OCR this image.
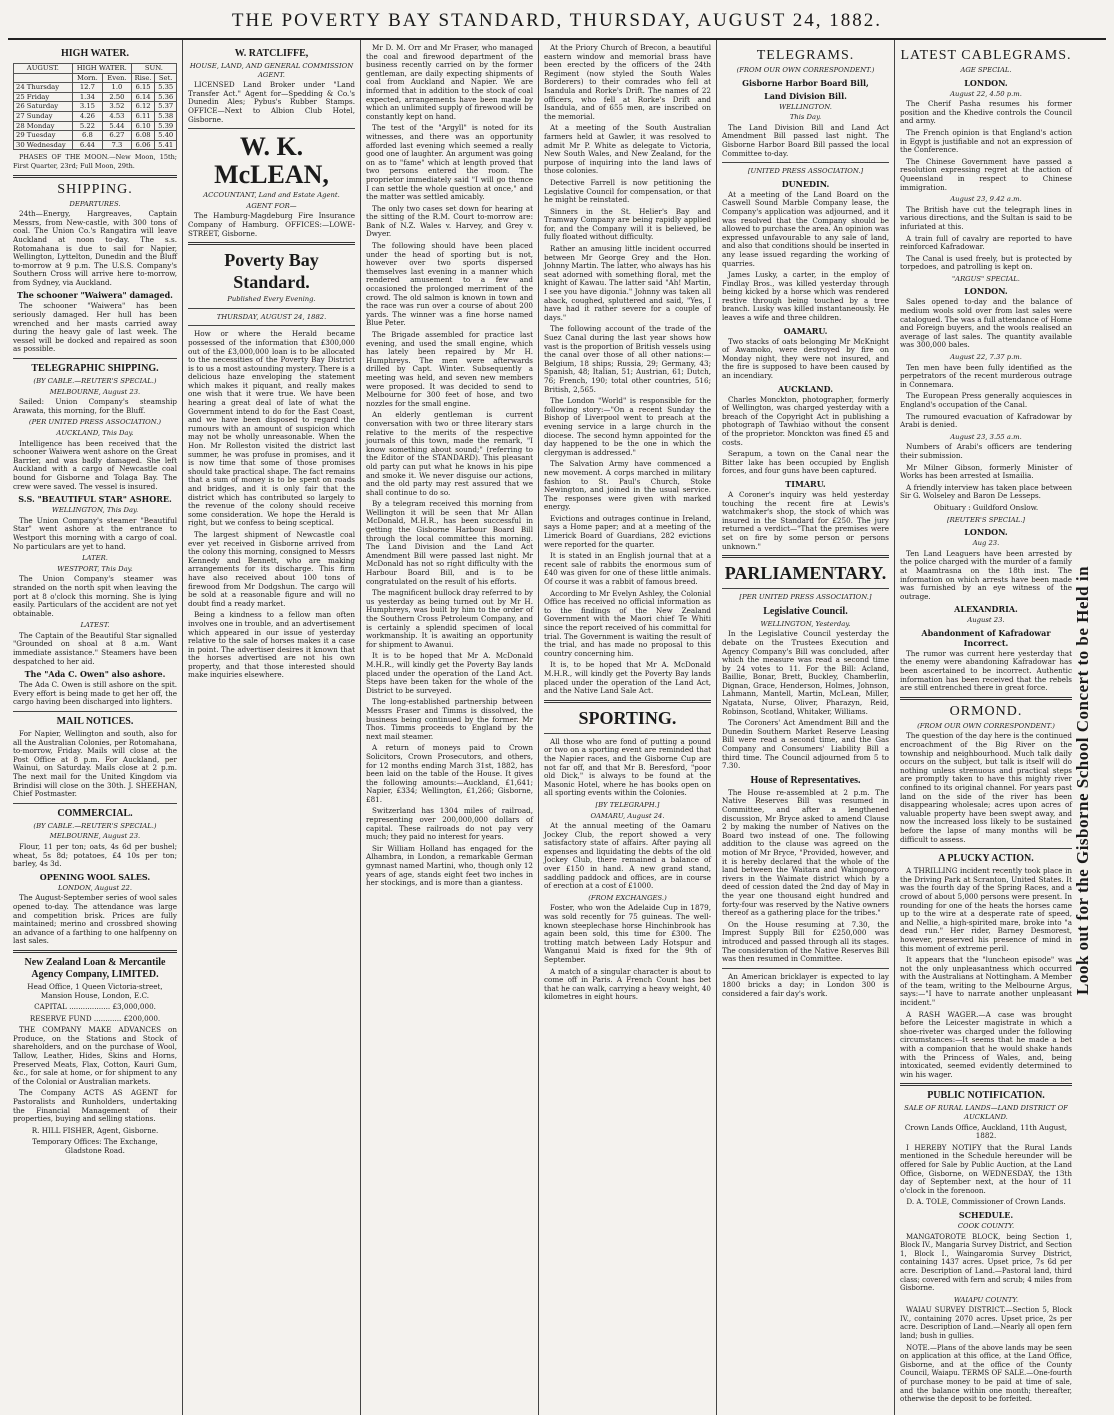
THE POVERTY BAY STANDARD, THURSDAY, AUGUST 24, 1882.
HIGH WATER.
AUGUST.	HIGH WATER.		SUN.	
	Morn.	Even.	Rise.	Set.
24 Thursday	12.7	1.0	6.15	5.35
25 Friday	1.34	2.50	6.14	5.36
26 Saturday	3.15	3.52	6.12	5.37
27 Sunday	4.26	4.53	6.11	5.38
28 Monday	5.22	5.44	6.10	5.39
29 Tuesday	6.8	6.27	6.08	5.40
30 Wednesday	6.44	7.3	6.06	5.41

PHASES OF THE MOON.—New Moon, 15th; First Quarter, 23rd; Full Moon, 29th.

SHIPPING.
DEPARTURES.

24th—Energy, Hargreaves, Captain Messrs, from New-castle, with 300 tons of coal. The Union Co.'s Rangatira will leave Auckland at noon to-day. The s.s. Rotomahana is due to sail for Napier, Wellington, Lyttelton, Dunedin and the Bluff to-morrow at 9 p.m. The U.S.S. Company's Southern Cross will arrive here to-morrow, from Sydney, via Auckland.

The schooner "Waiwera" damaged.

The schooner "Waiwera" has been seriously damaged. Her hull has been wrenched and her masts carried away during the heavy gale of last week. The vessel will be docked and repaired as soon as possible.

TELEGRAPHIC SHIPPING.
(BY CABLE.—REUTER'S SPECIAL.)
MELBOURNE, August 23.

Sailed: Union Company's steamship Arawata, this morning, for the Bluff.

(PER UNITED PRESS ASSOCIATION.)
AUCKLAND, This Day.

Intelligence has been received that the schooner Waiwera went ashore on the Great Barrier, and was badly damaged. She left Auckland with a cargo of Newcastle coal bound for Gisborne and Tolaga Bay. The crew were saved. The vessel is insured.

S.S. "BEAUTIFUL STAR" ASHORE.
WELLINGTON, This Day.

The Union Company's steamer "Beautiful Star" went ashore at the entrance to Westport this morning with a cargo of coal. No particulars are yet to hand.

LATER.
WESTPORT, This Day.

The Union Company's steamer was stranded on the north spit when leaving the port at 8 o'clock this morning. She is lying easily. Particulars of the accident are not yet obtainable.

LATEST.

The Captain of the Beautiful Star signalled "Grounded on shoal at 8 a.m. Want immediate assistance." Steamers have been despatched to her aid.

The "Ada C. Owen" also ashore.

The Ada C. Owen is still ashore on the spit. Every effort is being made to get her off, the cargo having been discharged into lighters.

MAIL NOTICES.

For Napier, Wellington and south, also for all the Australian Colonies, per Rotomahana, to-morrow, Friday. Mails will close at the Post Office at 8 p.m. For Auckland, per Wainui, on Saturday. Mails close at 2 p.m. The next mail for the United Kingdom via Brindisi will close on the 30th. J. SHEEHAN, Chief Postmaster.

COMMERCIAL.
(BY CABLE.—REUTER'S SPECIAL.)
MELBOURNE, August 23.

Flour, 11 per ton; oats, 4s 6d per bushel; wheat, 5s 8d; potatoes, £4 10s per ton; barley, 4s 3d.

OPENING WOOL SALES.
LONDON, August 22.

The August-September series of wool sales opened to-day. The attendance was large and competition brisk. Prices are fully maintained; merino and crossbred showing an advance of a farthing to one halfpenny on last sales.

New Zealand Loan & Mercantile Agency Company, LIMITED.

Head Office, 1 Queen Victoria-street, Mansion House, London, E.C.

CAPITAL .................. £3,000,000.

RESERVE FUND ............ £200,000.

THE COMPANY MAKE ADVANCES on Produce, on the Stations and Stock of shareholders, and on the purchase of Wool, Tallow, Leather, Hides, Skins and Horns, Preserved Meats, Flax, Cotton, Kauri Gum, &c., for sale at home, or for shipment to any of the Colonial or Australian markets.

The Company ACTS AS AGENT for Pastoralists and Runholders, undertaking the Financial Management of their properties, buying and selling stations.

R. HILL FISHER, Agent, Gisborne.

Temporary Offices: The Exchange, Gladstone Road.

W. RATCLIFFE,
HOUSE, LAND, AND GENERAL COMMISSION AGENT.

LICENSED Land Broker under "Land Transfer Act." Agent for—Spedding & Co.'s Dunedin Ales; Pybus's Rubber Stamps. OFFICE—Next to Albion Club Hotel, Gisborne.

W. K. McLEAN,
ACCOUNTANT, Land and Estate Agent.
AGENT FOR—

The Hamburg-Magdeburg Fire Insurance Company of Hamburg. OFFICES:—LOWE-STREET, Gisborne.

Poverty Bay Standard.
Published Every Evening.
THURSDAY, AUGUST 24, 1882.

How or where the Herald became possessed of the information that £300,000 out of the £3,000,000 loan is to be allocated to the necessities of the Poverty Bay District is to us a most astounding mystery. There is a delicious haze enveloping the statement which makes it piquant, and really makes one wish that it were true. We have been hearing a great deal of late of what the Government intend to do for the East Coast, and we have been disposed to regard the rumours with an amount of suspicion which may not be wholly unreasonable. When the Hon. Mr Rolleston visited the district last summer, he was profuse in promises, and it is now time that some of those promises should take practical shape. The fact remains that a sum of money is to be spent on roads and bridges, and it is only fair that the district which has contributed so largely to the revenue of the colony should receive some consideration. We hope the Herald is right, but we confess to being sceptical.

The largest shipment of Newcastle coal ever yet received in Gisborne arrived from the colony this morning, consigned to Messrs Kennedy and Bennett, who are making arrangements for its discharge. This firm have also received about 100 tons of firewood from Mr Dodgshun. The cargo will be sold at a reasonable figure and will no doubt find a ready market.

Being a kindness to a fellow man often involves one in trouble, and an advertisement which appeared in our issue of yesterday relative to the sale of horses makes it a case in point. The advertiser desires it known that the horses advertised are not his own property, and that those interested should make inquiries elsewhere.

Mr D. M. Orr and Mr Fraser, who managed the coal and firewood department of the business recently carried on by the former gentleman, are daily expecting shipments of coal from Auckland and Napier. We are informed that in addition to the stock of coal expected, arrangements have been made by which an unlimited supply of firewood will be constantly kept on hand.

The test of the "Argyll" is noted for its witnesses, and there was an opportunity afforded last evening which seemed a really good one of laughter. An argument was going on as to "fame" which at length proved that two persons entered the room. The proprietor immediately said "I will go thence I can settle the whole question at once," and the matter was settled amicably.

The only two cases set down for hearing at the sitting of the R.M. Court to-morrow are: Bank of N.Z. Wales v. Harvey, and Grey v. Dwyer.

The following should have been placed under the head of sporting but is not, however over two sports dispersed themselves last evening in a manner which rendered amusement to a few and occasioned the prolonged merriment of the crowd. The old salmon is known in town and the race was run over a course of about 200 yards. The winner was a fine horse named Blue Peter.

The Brigade assembled for practice last evening, and used the small engine, which has lately been repaired by Mr H. Humphreys. The men were afterwards drilled by Capt. Winter. Subsequently a meeting was held, and seven new members were proposed. It was decided to send to Melbourne for 300 feet of hose, and two nozzles for the small engine.

An elderly gentleman is current conversation with two or three literary stars relative to the merits of the respective journals of this town, made the remark, "I know something about sound;" (referring to the Editor of the STANDARD). This pleasant old party can put what he knows in his pipe and smoke it. We never disguise our actions, and the old party may rest assured that we shall continue to do so.

By a telegram received this morning from Wellington it will be seen that Mr Allan McDonald, M.H.R., has been successful in getting the Gisborne Harbour Board Bill through the local committee this morning. The Land Division and the Land Act Amendment Bill were passed last night. Mr McDonald has not so right difficulty with the Harbour Board Bill, and is to be congratulated on the result of his efforts.

The magnificent bullock dray referred to by us yesterday as being turned out by Mr H. Humphreys, was built by him to the order of the Southern Cross Petroleum Company, and is certainly a splendid specimen of local workmanship. It is awaiting an opportunity for shipment to Awanui.

It is to be hoped that Mr A. McDonald M.H.R., will kindly get the Poverty Bay lands placed under the operation of the Land Act. Steps have been taken for the whole of the District to be surveyed.

The long-established partnership between Messrs Fraser and Timms is dissolved, the business being continued by the former. Mr Thos. Timms proceeds to England by the next mail steamer.

A return of moneys paid to Crown Solicitors, Crown Prosecutors, and others, for 12 months ending March 31st, 1882, has been laid on the table of the House. It gives the following amounts:—Auckland, £1,641; Napier, £334; Wellington, £1,266; Gisborne, £81.

Switzerland has 1304 miles of railroad, representing over 200,000,000 dollars of capital. These railroads do not pay very much; they paid no interest for years.

Sir William Holland has engaged for the Alhambra, in London, a remarkable German gymnast named Martini, who, though only 12 years of age, stands eight feet two inches in her stockings, and is more than a giantess.

At the Priory Church of Brecon, a beautiful eastern window and memorial brass have been erected by the officers of the 24th Regiment (now styled the South Wales Borderers) to their comrades who fell at Isandula and Rorke's Drift. The names of 22 officers, who fell at Rorke's Drift and Isandula, and of 655 men, are inscribed on the memorial.

At a meeting of the South Australian farmers held at Gawler, it was resolved to admit Mr P. White as delegate to Victoria, New South Wales, and New Zealand, for the purpose of inquiring into the land laws of those colonies.

Detective Farrell is now petitioning the Legislative Council for compensation, or that he might be reinstated.

Sinners in the St. Helier's Bay and Tramway Company are being rapidly applied for, and the Company will it is believed, be fully floated without difficulty.

Rather an amusing little incident occurred between Mr George Grey and the Hon. Johnny Martin. The latter, who always has his seat adorned with something floral, met the knight of Kawau. The latter said "Ah! Martin, I see you have digonia." Johnny was taken all aback, coughed, spluttered and said, "Yes, I have had it rather severe for a couple of days."

The following account of the trade of the Suez Canal during the last year shows how vast is the proportion of British vessels using the canal over those of all other nations:—Belgium, 18 ships; Russia, 29; Germany, 43; Spanish, 48; Italian, 51; Austrian, 61; Dutch, 76; French, 190; total other countries, 516; British, 2,565.

The London "World" is responsible for the following story:—"On a recent Sunday the Bishop of Liverpool went to preach at the evening service in a large church in the diocese. The second hymn appointed for the day happened to be the one in which the clergyman is addressed."

The Salvation Army have commenced a new movement. A corps marched in military fashion to St. Paul's Church, Stoke Newington, and joined in the usual service. The responses were given with marked energy.

Evictions and outrages continue in Ireland, says a Home paper; and at a meeting of the Limerick Board of Guardians, 282 evictions were reported for the quarter.

It is stated in an English journal that at a recent sale of rabbits the enormous sum of £40 was given for one of these little animals. Of course it was a rabbit of famous breed.

According to Mr Evelyn Ashley, the Colonial Office has received no official information as to the findings of the New Zealand Government with the Maori chief Te Whiti since the report received of his committal for trial. The Government is waiting the result of the trial, and has made no proposal to this country concerning him.

It is, to be hoped that Mr A. McDonald M.H.R., will kindly get the Poverty Bay lands placed under the operation of the Land Act, and the Native Land Sale Act.

SPORTING.

All those who are fond of putting a pound or two on a sporting event are reminded that the Napier races, and the Gisborne Cup are not far off, and that Mr B. Beresford, "poor old Dick," is always to be found at the Masonic Hotel, where he has books open on all sporting events within the Colonies.

[BY TELEGRAPH.]
OAMARU, August 24.

At the annual meeting of the Oamaru Jockey Club, the report showed a very satisfactory state of affairs. After paying all expenses and liquidating the debts of the old Jockey Club, there remained a balance of over £150 in hand. A new grand stand, saddling paddock and offices, are in course of erection at a cost of £1000.

(FROM EXCHANGES.)

Foster, who won the Adelaide Cup in 1879, was sold recently for 75 guineas. The well-known steeplechase horse Hinchinbrook has again been sold, this time for £300. The trotting match between Lady Hotspur and Wanganui Maid is fixed for the 9th of September.

A match of a singular character is about to come off in Paris. A French Count has bet that he can walk, carrying a heavy weight, 40 kilometres in eight hours.

TELEGRAMS.
(FROM OUR OWN CORRESPONDENT.)
Gisborne Harbor Board Bill,
Land Division Bill.
WELLINGTON.
This Day.

The Land Division Bill and Land Act Amendment Bill passed last night. The Gisborne Harbor Board Bill passed the local Committee to-day.

[UNITED PRESS ASSOCIATION.]
DUNEDIN.

At a meeting of the Land Board on the Caswell Sound Marble Company lease, the Company's application was adjourned, and it was resolved that the Company should be allowed to purchase the area. An opinion was expressed unfavourable to any sale of land, and also that conditions should be inserted in any lease issued regarding the working of quarries.

James Lusky, a carter, in the employ of Findlay Bros., was killed yesterday through being kicked by a horse which was rendered restive through being touched by a tree branch. Lusky was killed instantaneously. He leaves a wife and three children.

OAMARU.

Two stacks of oats belonging Mr McKnight of Awamoko, were destroyed by fire on Monday night, they were not insured, and the fire is supposed to have been caused by an incendiary.

AUCKLAND.

Charles Monckton, photographer, formerly of Wellington, was charged yesterday with a breach of the Copyright Act in publishing a photograph of Tawhiao without the consent of the proprietor. Monckton was fined £5 and costs.

Serapum, a town on the Canal near the Bitter lake has been occupied by English forces, and four guns have been captured.

TIMARU.

A Coroner's inquiry was held yesterday touching the recent fire at Lewis's watchmaker's shop, the stock of which was insured in the Standard for £250. The jury returned a verdict—"That the premises were set on fire by some person or persons unknown."

PARLIAMENTARY.
[PER UNITED PRESS ASSOCIATION.]
Legislative Council.
WELLINGTON, Yesterday.

In the Legislative Council yesterday the debate on the Trustees Execution and Agency Company's Bill was concluded, after which the measure was read a second time by 24 votes to 11. For the Bill: Acland, Baillie, Bonar, Brett, Buckley, Chamberlin, Dignan, Grace, Henderson, Holmes, Johnson, Lahmann, Mantell, Martin, McLean, Miller, Ngatata, Nurse, Oliver, Pharazyn, Reid, Robinson, Scotland, Whitaker, Williams.

The Coroners' Act Amendment Bill and the Dunedin Southern Market Reserve Leasing Bill were read a second time, and the Gas Company and Consumers' Liability Bill a third time. The Council adjourned from 5 to 7.30.

House of Representatives.

The House re-assembled at 2 p.m. The Native Reserves Bill was resumed in Committee, and after a lengthened discussion, Mr Bryce asked to amend Clause 2 by making the number of Natives on the Board two instead of one. The following addition to the clause was agreed on the motion of Mr Bryce, "Provided, however, and it is hereby declared that the whole of the land between the Waitara and Waingongoro rivers in the Waimate district which by a deed of cession dated the 2nd day of May in the year one thousand eight hundred and forty-four was reserved by the Native owners thereof as a gathering place for the tribes."

On the House resuming at 7.30, the Imprest Supply Bill for £250,000 was introduced and passed through all its stages. The consideration of the Native Reserves Bill was then resumed in Committee.

An American bricklayer is expected to lay 1800 bricks a day; in London 300 is considered a fair day's work.	Look out for the Gisborne School Concert to be Held in
LATEST CABLEGRAMS.
AGE SPECIAL.
LONDON.
August 22, 4.50 p.m.

The Cherif Pasha resumes his former position and the Khedive controls the Council and army.

The French opinion is that England's action in Egypt is justifiable and not an expression of the Conference.

The Chinese Government have passed a resolution expressing regret at the action of Queensland in respect to Chinese immigration.

August 23, 9.42 a.m.

The British have cut the telegraph lines in various directions, and the Sultan is said to be infuriated at this.

A train full of cavalry are reported to have reinforced Kafradowar.

The Canal is used freely, but is protected by torpedoes, and patrolling is kept on.

"ARGUS" SPECIAL.
LONDON.

Sales opened to-day and the balance of medium wools sold over from last sales were catalogued. The was a full attendance of Home and Foreign buyers, and the wools realised an average of last sales. The quantity available was 300,000 bales.

August 22, 7.37 p.m.

Ten men have been fully identified as the perpetrators of the recent murderous outrage in Connemara.

The European Press generally acquiesces in England's occupation of the Canal.

The rumoured evacuation of Kafradowar by Arabi is denied.

August 23, 3.55 a.m.

Numbers of Arabi's officers are tendering their submission.

Mr Milner Gibson, formerly Minister of Works has been arrested at Ismailia.

A friendly interview has taken place between Sir G. Wolseley and Baron De Lesseps.

Obituary : Guildford Onslow.

[REUTER'S SPECIAL.]
LONDON.
Aug 23.

Ten Land Leaguers have been arrested by the police charged with the murder of a family at Maamtrasna on the 18th inst. The information on which arrests have been made was furnished by an eye witness of the outrage.

ALEXANDRIA.
August 23.
Abandonment of Kafradowar Incorrect.

The rumor was current here yesterday that the enemy were abandoning Kafradowar has been ascertained to be incorrect. Authentic information has been received that the rebels are still entrenched there in great force.

ORMOND.
(FROM OUR OWN CORRESPONDENT.)

The question of the day here is the continued encroachment of the Big River on the township and neighbourhood. Much talk daily occurs on the subject, but talk is itself will do nothing unless strenuous and practical steps are promptly taken to have this mighty river confined to its original channel. For years past land on the side of the river has been disappearing wholesale; acres upon acres of valuable property have been swept away, and now the increased loss likely to be sustained before the lapse of many months will be difficult to assess.

A PLUCKY ACTION.

A THRILLING incident recently took place in the Driving Park at Scranton, United States. It was the fourth day of the Spring Races, and a crowd of about 5,000 persons were present. In rounding for one of the heats the horses came up to the wire at a desperate rate of speed, and Nellie, a high-spirited mare, broke into "a dead run." Her rider, Barney Desmorest, however, preserved his presence of mind in this moment of extreme peril.

It appears that the "luncheon episode" was not the only unpleasantness which occurred with the Australians at Nottingham. A Member of the team, writing to the Melbourne Argus, says:—"I have to narrate another unpleasant incident."

A RASH WAGER.—A case was brought before the Leicester magistrate in which a shoe-riveter was charged under the following circumstances:—It seems that he made a bet with a companion that he would shake hands with the Princess of Wales, and, being intoxicated, seemed evidently determined to win his wager.

PUBLIC NOTIFICATION.
SALE OF RURAL LANDS—LAND DISTRICT OF AUCKLAND.

Crown Lands Office, Auckland, 11th August, 1882.

I HEREBY NOTIFY that the Rural Lands mentioned in the Schedule hereunder will be offered for Sale by Public Auction, at the Land Office, Gisborne, on WEDNESDAY, the 13th day of September next, at the hour of 11 o'clock in the forenoon.

D. A. TOLE, Commissioner of Crown Lands.

SCHEDULE.
COOK COUNTY.

MANGATOROTE BLOCK, being Section 1, Block IV., Mangaria Survey District, and Section 1, Block I., Waingaromia Survey District, containing 1437 acres. Upset price, 7s 6d per acre. Description of Land.—Pastoral land, third class; covered with fern and scrub; 4 miles from Gisborne.

WAIAPU COUNTY.

WAIAU SURVEY DISTRICT.—Section 5, Block IV., containing 2070 acres. Upset price, 2s per acre. Description of Land.—Nearly all open fern land; bush in gullies.

NOTE.—Plans of the above lands may be seen on application at this office, at the Land Office, Gisborne, and at the office of the County Council, Waiapu. TERMS OF SALE.—One-fourth of purchase money to be paid at time of sale, and the balance within one month; thereafter, otherwise the deposit to be forfeited.
